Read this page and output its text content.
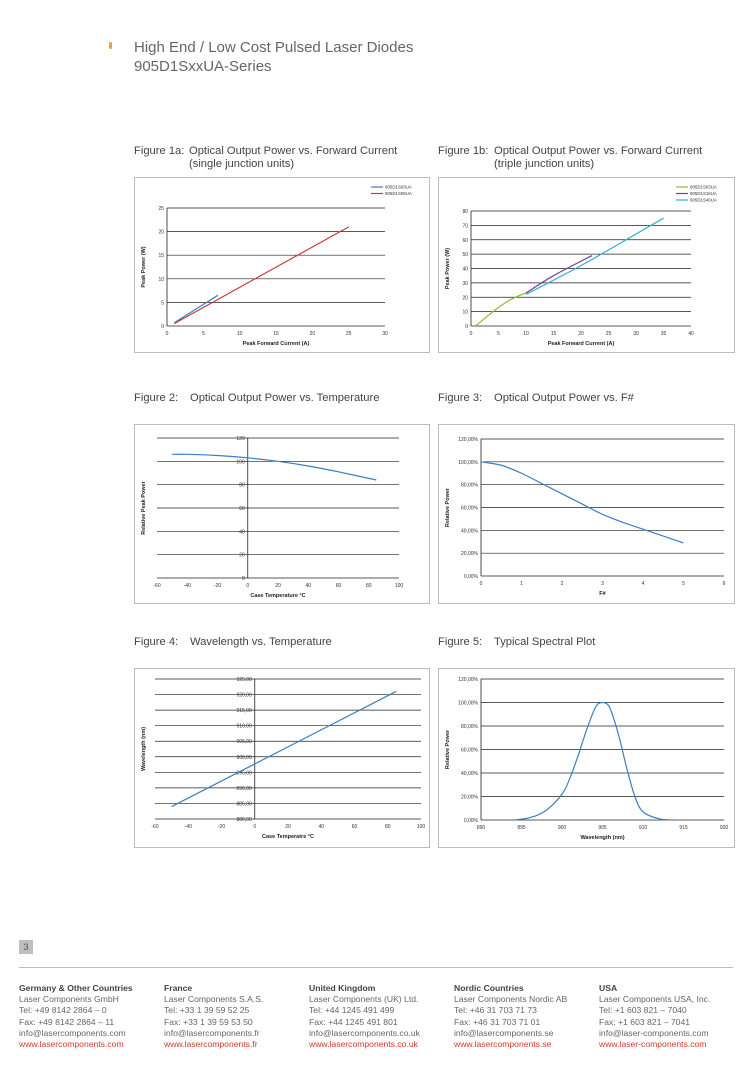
High End / Low Cost Pulsed Laser Diodes
905D1SxxUA-Series
Figure 1a: Optical Output Power vs. Forward Current
(single junction units)
Figure 1b: Optical Output Power vs. Forward Current
(triple junction units)
Figure 2: Optical Output Power vs. Temperature	Figure 3: Optical Output Power vs. F#
Figure 4: Wavelength vs. Temperature	Figure 5: Typical Spectral Plot
0
5
10
15
20
25
0	5	10	15	20	25	30
Peak Forward Current (A)
Peak Power (W)
905D1S03UA
905D1S09UA
0
10
20
30
40
50
60
70
80
0	5	10	15	20	25	30	35	40
Peak Forward Current (A)
Peak Power (W)
905D1S03UA
905D1S16UA
905D1S40UA
0
20
40
60
80
100
120
-60	-40	-20	0	20	40	60	80	100
Case Temperature °C
Relative Peak Power
0,00%
20,00%
40,00%
60,00%
80,00%
100,00%
120,00%
0	1	2	3	4	5	6
F#
Relative Power
880,00
885,00
890,00
895,00
900,00
905,00
910,00
915,00
920,00
925,00
-60	-40	-20	0	20	40	60	80	100
Case Temperatre °C
Wavelength (nm)
0,00%
20,00%
40,00%
60,00%
80,00%
100,00%
120,00%
890	895	900	905	910	915	920
Wavelength (nm)
Relative Power
3
Germany & Other Countries
Laser Components GmbH
Tel: +49 8142 2864 – 0
Fax: +49 8142 2864 – 11
info@lasercomponents.com
www.lasercomponents.com
France
Laser Components S.A.S.
Tel: +33 1 39 59 52 25
Fax: +33 1 39 59 53 50
info@lasercomponents.fr
www.lasercomponents.fr
United Kingdom
Laser Components (UK) Ltd.
Tel: +44 1245 491 499
Fax: +44 1245 491 801
info@lasercomponents.co.uk
www.lasercomponents.co.uk
Nordic Countries
Laser Components Nordic AB
Tel: +46 31 703 71 73
Fax: +46 31 703 71 01
info@lasercomponents.se
www.lasercomponents.se
USA
Laser Components USA, Inc.
Tel: +1 603 821 – 7040
Fax: +1 603 821 – 7041
info@laser-components.com
www.laser-components.com
